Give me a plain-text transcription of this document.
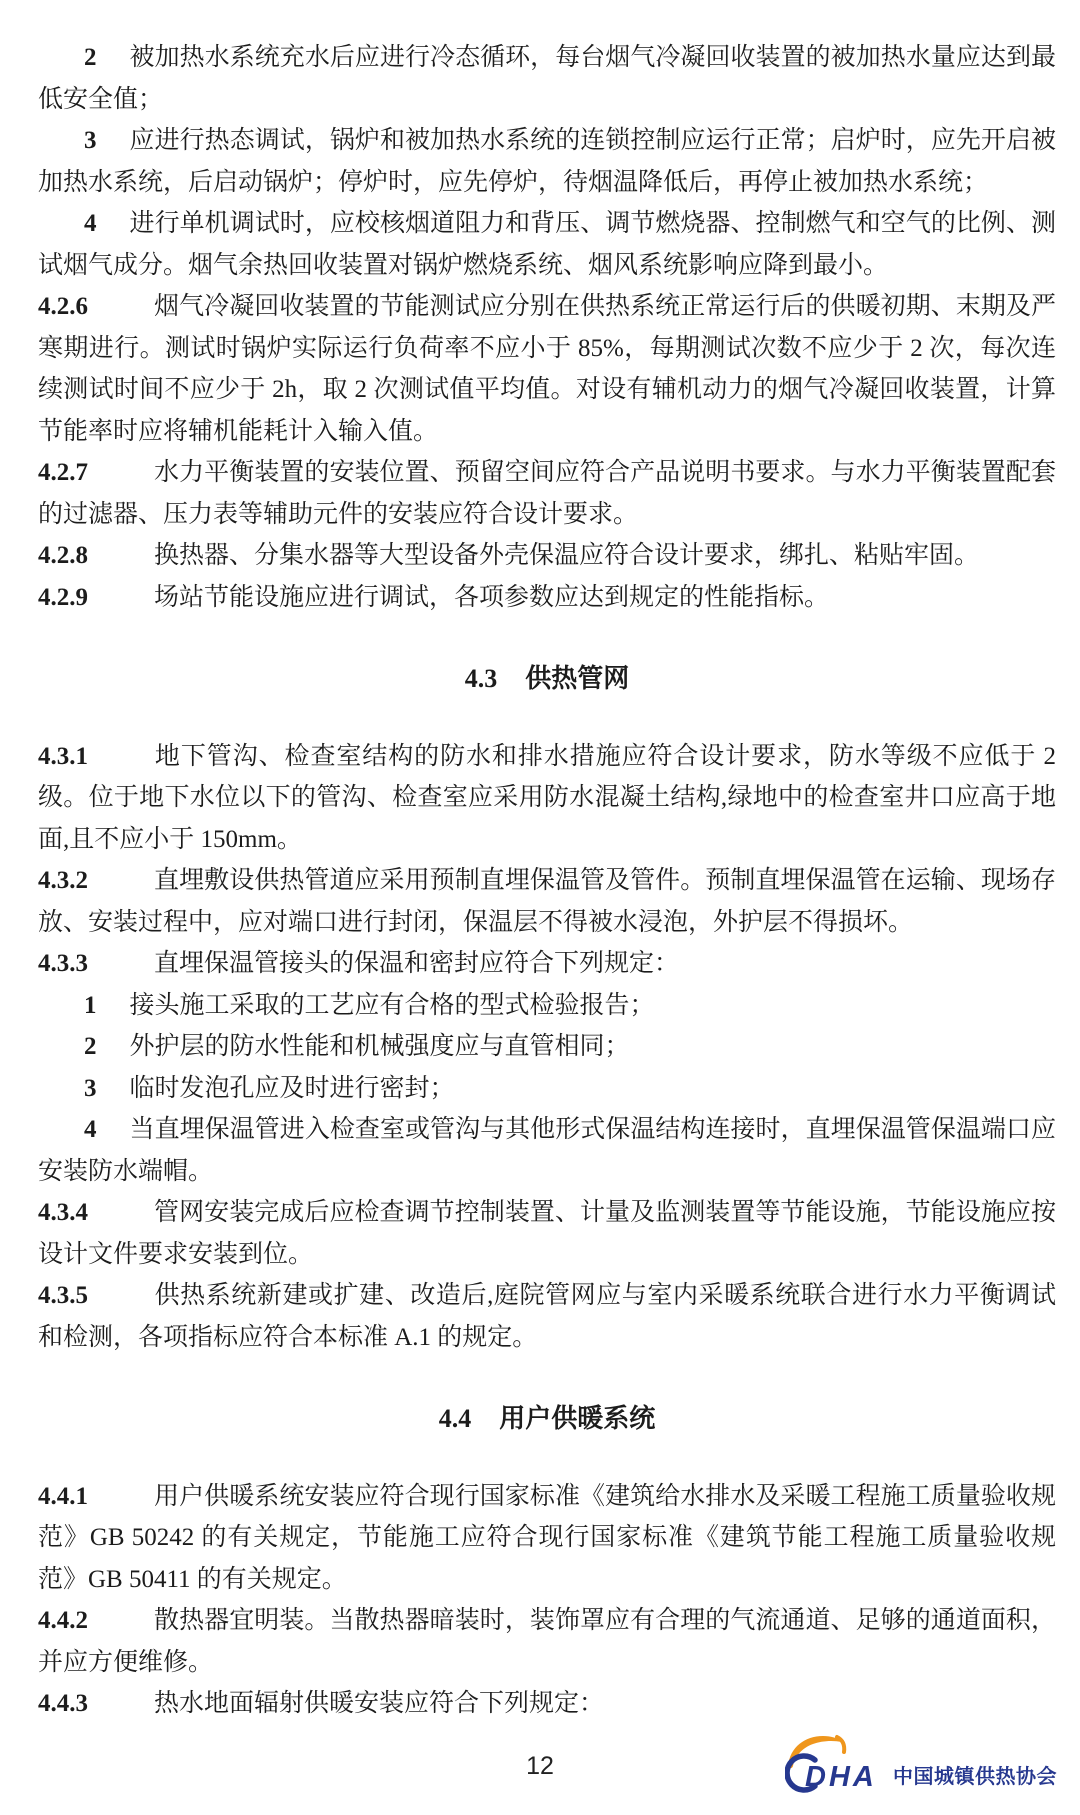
2 被加热水系统充水后应进行冷态循环，每台烟气冷凝回收装置的被加热水量应达到最低安全值；

3 应进行热态调试，锅炉和被加热水系统的连锁控制应运行正常；启炉时，应先开启被加热水系统，后启动锅炉；停炉时，应先停炉，待烟温降低后，再停止被加热水系统；

4 进行单机调试时，应校核烟道阻力和背压、调节燃烧器、控制燃气和空气的比例、测试烟气成分。烟气余热回收装置对锅炉燃烧系统、烟风系统影响应降到最小。

4.2.6	烟气冷凝回收装置的节能测试应分别在供热系统正常运行后的供暖初期、末期及严寒期进行。测试时锅炉实际运行负荷率不应小于 85%，每期测试次数不应少于 2 次，每次连续测试时间不应少于 2h，取 2 次测试值平均值。对设有辅机动力的烟气冷凝回收装置，计算节能率时应将辅机能耗计入输入值。

4.2.7	水力平衡装置的安装位置、预留空间应符合产品说明书要求。与水力平衡装置配套的过滤器、压力表等辅助元件的安装应符合设计要求。

4.2.8	换热器、分集水器等大型设备外壳保温应符合设计要求，绑扎、粘贴牢固。

4.2.9	场站节能设施应进行调试，各项参数应达到规定的性能指标。

4.3 供热管网

4.3.1	地下管沟、检查室结构的防水和排水措施应符合设计要求，防水等级不应低于 2 级。位于地下水位以下的管沟、检查室应采用防水混凝土结构,绿地中的检查室井口应高于地面,且不应小于 150mm。

4.3.2	直埋敷设供热管道应采用预制直埋保温管及管件。预制直埋保温管在运输、现场存放、安装过程中，应对端口进行封闭，保温层不得被水浸泡，外护层不得损坏。

4.3.3	直埋保温管接头的保温和密封应符合下列规定：

1 接头施工采取的工艺应有合格的型式检验报告；

2 外护层的防水性能和机械强度应与直管相同；

3 临时发泡孔应及时进行密封；

4 当直埋保温管进入检查室或管沟与其他形式保温结构连接时，直埋保温管保温端口应安装防水端帽。

4.3.4	管网安装完成后应检查调节控制装置、计量及监测装置等节能设施，节能设施应按设计文件要求安装到位。

4.3.5	供热系统新建或扩建、改造后,庭院管网应与室内采暖系统联合进行水力平衡调试和检测，各项指标应符合本标准 A.1 的规定。

4.4 用户供暖系统

4.4.1	用户供暖系统安装应符合现行国家标准《建筑给水排水及采暖工程施工质量验收规范》GB 50242 的有关规定，节能施工应符合现行国家标准《建筑节能工程施工质量验收规范》GB 50411 的有关规定。

4.4.2	散热器宜明装。当散热器暗装时，装饰罩应有合理的气流通道、足够的通道面积，并应方便维修。

4.4.3	热水地面辐射供暖安装应符合下列规定：

12	DHA 中国城镇供热协会
